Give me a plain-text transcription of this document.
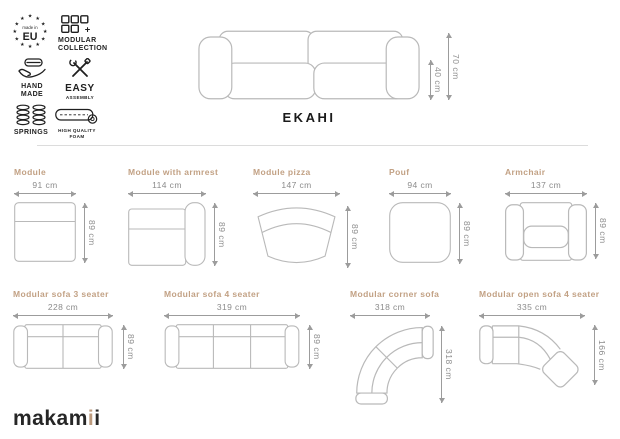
★ ★
★
★
★
★
★
★
★
★
★
★
made in
EU
+
MODULAR
COLLECTION
HAND
MADE
EASY
ASSEMBLY
SPRINGS	HIGH QUALITY
FOAM
40 cm
70 cm
EKAHI
Module
91 cm
89 cm
Module with armrest
114 cm
89 cm
Module pizza
147 cm
89 cm
Pouf
94 cm
89 cm
Armchair
137 cm
89 cm
Modular sofa 3 seater
228 cm
89 cm
Modular sofa 4 seater
319 cm
89 cm
Modular corner sofa
318 cm
318 cm
Modular open sofa 4 seater
335 cm
166 cm
makamii
